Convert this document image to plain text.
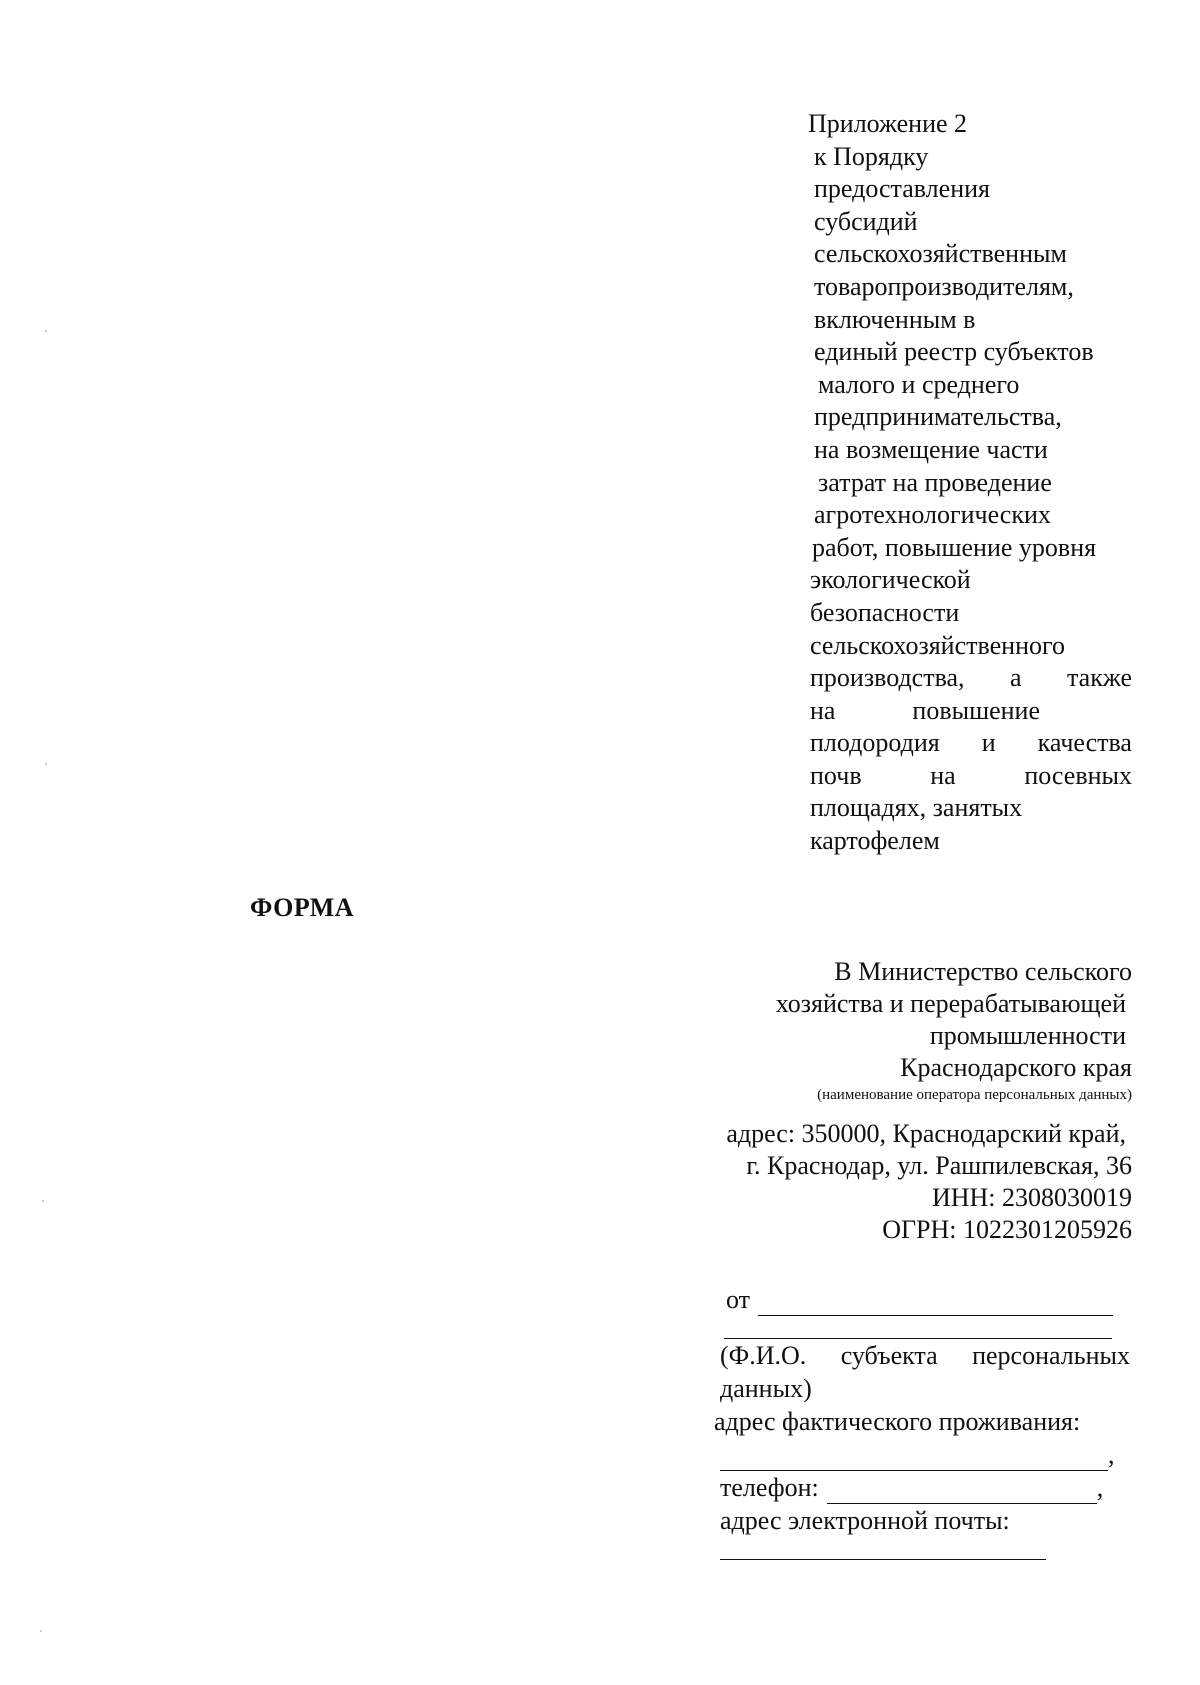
Приложение 2
к Порядку
предоставления
субсидий
сельскохозяйственным
товаропроизводителям,
включенным в
единый реестр субъектов
малого и среднего
предпринимательства,
на возмещение части
затрат на проведение
агротехнологических
работ, повышение уровня
экологической
безопасности
сельскохозяйственного
производства, а также
на	повышение
плодородия и качества
почв	на	посевных
площадях, занятых
картофелем
ФОРМА
В Министерство сельского
хозяйства и перерабатывающей
промышленности
Краснодарского края
(наименование оператора персональных данных)
адрес: 350000, Краснодарский край,
г. Краснодар, ул. Рашпилевская, 36
ИНН: 2308030019
ОГРН: 1022301205926
от
(Ф.И.О. субъекта персональных
данных)
адрес фактического проживания:
,
телефон:	,
адрес электронной почты:
